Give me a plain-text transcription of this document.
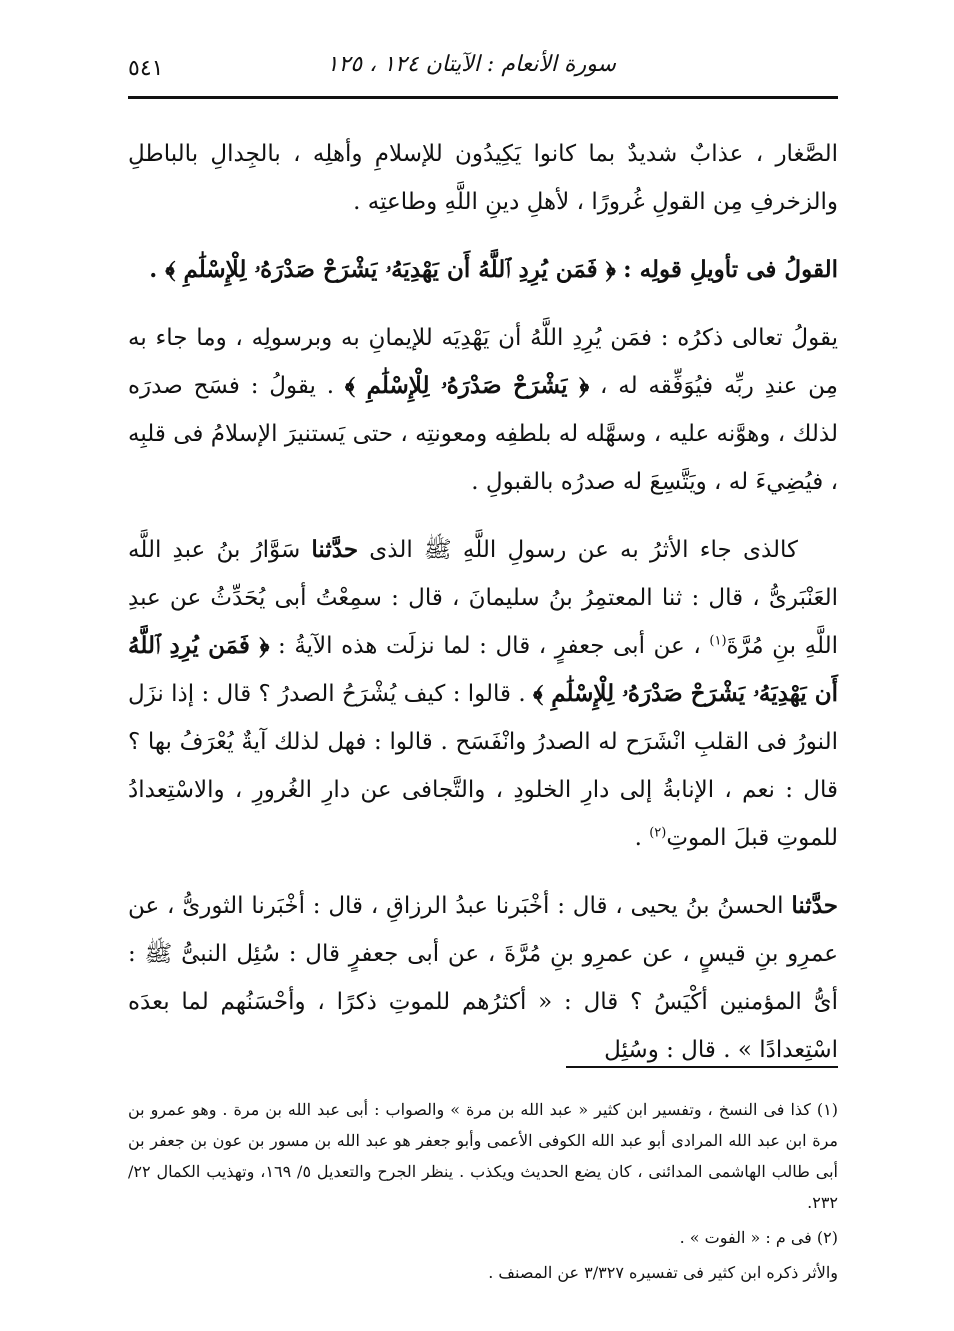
٥٤١	سورة الأنعام : الآيتان ١٢٤ ، ١٢٥

الصَّغار ، عذابٌ شديدٌ بما كانوا يَكِيدُون للإسلامِ وأهلِه ، بالجِدالِ بالباطلِ والزخرفِ مِن القولِ غُرورًا ، لأهلِ دينِ اللَّهِ وطاعتِه .

القولُ فى تأويلِ قولِه : ﴿ فَمَن يُرِدِ ٱللَّهُ أَن يَهْدِيَهُۥ يَشْرَحْ صَدْرَهُۥ لِلْإِسْلَٰمِ ﴾ .

يقولُ تعالى ذكرُه : فمَن يُرِدِ اللَّهُ أن يَهْدِيَه للإيمانِ به وبرسولِه ، وما جاء به مِن عندِ ربِّه فيُوَفِّقه له ، ﴿ يَشْرَحْ صَدْرَهُۥ لِلْإِسْلَٰمِ ﴾ . يقولُ : فسَح صدرَه لذلك ، وهوَّنه عليه ، وسهَّله له بلطفِه ومعونتِه ، حتى يَستنيرَ الإسلامُ فى قلبِه ، فيُضِيءَ له ، ويَتَّسِعَ له صدرُه بالقبولِ .

كالذى جاء الأثرُ به عن رسولِ اللَّهِ ﷺ الذى حدَّثنا سَوَّارُ بنُ عبدِ اللَّه العَنْبَرىُّ ، قال : ثنا المعتمِرُ بنُ سليمانَ ، قال : سمِعْتُ أبى يُحَدِّثُ عن عبدِ اللَّهِ بنِ مُرَّةَ$^{(١)}$ ، عن أبى جعفرٍ ، قال : لما نزلَت هذه الآيةُ : ﴿ فَمَن يُرِدِ ٱللَّهُ أَن يَهْدِيَهُۥ يَشْرَحْ صَدْرَهُۥ لِلْإِسْلَٰمِ ﴾ . قالوا : كيف يُشْرَحُ الصدرُ ؟ قال : إذا نزَل النورُ فى القلبِ انْشَرَح له الصدرُ وانْفَسَح . قالوا : فهل لذلك آيةٌ يُعْرَفُ بها ؟ قال : نعم ، الإنابةُ إلى دارِ الخلودِ ، والتَّجافى عن دارِ الغُرورِ ، والاسْتِعدادُ للموتِ قبلَ الموتِ$^{(٢)}$ .

حدَّثنا الحسنُ بنُ يحيى ، قال : أخْبَرنا عبدُ الرزاقِ ، قال : أخْبَرنا الثورىُّ ، عن عمرِو بنِ قيسٍ ، عن عمرِو بنِ مُرَّةَ ، عن أبى جعفرٍ قال : سُئِل النبىُّ ﷺ : أىُّ المؤمنين أكْيَسُ ؟ قال : « أكثرُهم للموتِ ذكرًا ، وأحْسَنُهم لما بعدَه اسْتِعدادًا » . قال : وسُئِل

(١) كذا فى النسخ ، وتفسير ابن كثير « عبد الله بن مرة » والصواب : أبى عبد الله بن مرة . وهو عمرو بن مرة ابن عبد الله المرادى أبو عبد الله الكوفى الأعمى وأبو جعفر هو عبد الله بن مسور بن عون بن جعفر بن أبى طالب الهاشمى المدائنى ، كان يضع الحديث ويكذب . ينظر الجرح والتعديل ٥/ ١٦٩، وتهذيب الكمال ٢٢/ ٢٣٢.

(٢) فى م : « الفوت » .

والأثر ذكره ابن كثير فى تفسيره ٣/٣٢٧ عن المصنف .
